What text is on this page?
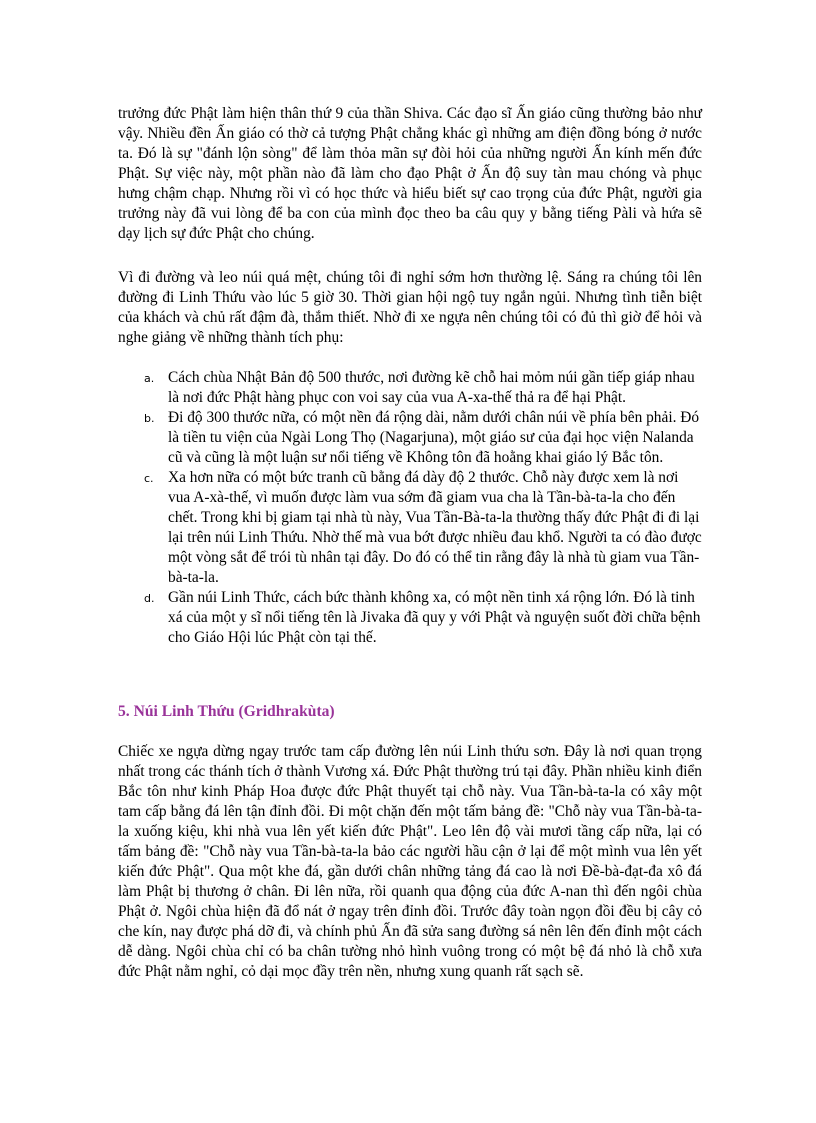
trưởng đức Phật làm hiện thân thứ 9 của thần Shiva. Các đạo sĩ Ấn giáo cũng thường bảo như vậy. Nhiều đền Ấn giáo có thờ cả tượng Phật chẳng khác gì những am điện đồng bóng ở nước ta. Đó là sự "đánh lộn sòng" để làm thỏa mãn sự đòi hỏi của những người Ấn kính mến đức Phật. Sự việc này, một phần nào đã làm cho đạo Phật ở Ấn độ suy tàn mau chóng và phục hưng chậm chạp. Nhưng rồi vì có học thức và hiểu biết sự cao trọng của đức Phật, người gia trưởng này đã vui lòng để ba con của mình đọc theo ba câu quy y bằng tiếng Pàli và hứa sẽ dạy lịch sự đức Phật cho chúng.

Vì đi đường và leo núi quá mệt, chúng tôi đi nghỉ sớm hơn thường lệ. Sáng ra chúng tôi lên đường đi Linh Thứu vào lúc 5 giờ 30. Thời gian hội ngộ tuy ngắn ngủi. Nhưng tình tiễn biệt của khách và chủ rất đậm đà, thắm thiết. Nhờ đi xe ngựa nên chúng tôi có đủ thì giờ để hỏi và nghe giảng về những thành tích phụ:

a. Cách chùa Nhật Bản độ 500 thước, nơi đường kẽ chỗ hai mỏm núi gần tiếp giáp nhau là nơi đức Phật hàng phục con voi say của vua A-xa-thế thả ra để hại Phật.
b. Đi độ 300 thước nữa, có một nền đá rộng dài, nằm dưới chân núi về phía bên phải. Đó là tiền tu viện của Ngài Long Thọ (Nagarjuna), một giáo sư của đại học viện Nalanda cũ và cũng là một luận sư nổi tiếng về Không tôn đã hoằng khai giáo lý Bắc tôn.
c. Xa hơn nữa có một bức tranh cũ bằng đá dày độ 2 thước. Chỗ này được xem là nơi vua A-xà-thế, vì muốn được làm vua sớm đã giam vua cha là Tần-bà-ta-la cho đến chết. Trong khi bị giam tại nhà tù này, Vua Tần-Bà-ta-la thường thấy đức Phật đi đi lại lại trên núi Linh Thứu. Nhờ thế mà vua bớt được nhiều đau khổ. Người ta có đào được một vòng sắt để trói tù nhân tại đây. Do đó có thể tin rằng đây là nhà tù giam vua Tần-bà-ta-la.
d. Gần núi Linh Thức, cách bức thành không xa, có một nền tinh xá rộng lớn. Đó là tinh xá của một y sĩ nổi tiếng tên là Jivaka đã quy y với Phật và nguyện suốt đời chữa bệnh cho Giáo Hội lúc Phật còn tại thế.
5. Núi Linh Thứu (Gridhrakùta)

Chiếc xe ngựa dừng ngay trước tam cấp đường lên núi Linh thứu sơn. Đây là nơi quan trọng nhất trong các thánh tích ở thành Vương xá. Đức Phật thường trú tại đây. Phần nhiều kinh điển Bắc tôn như kinh Pháp Hoa được đức Phật thuyết tại chỗ này. Vua Tần-bà-ta-la có xây một tam cấp bằng đá lên tận đỉnh đồi. Đi một chặn đến một tấm bảng đề: "Chỗ này vua Tần-bà-ta-la xuống kiệu, khi nhà vua lên yết kiến đức Phật". Leo lên độ vài mươi tầng cấp nữa, lại có tấm bảng đề: "Chỗ này vua Tần-bà-ta-la bảo các người hầu cận ở lại để một mình vua lên yết kiến đức Phật". Qua một khe đá, gần dưới chân những tảng đá cao là nơi Đề-bà-đạt-đa xô đá làm Phật bị thương ở chân. Đi lên nữa, rồi quanh qua động của đức A-nan thì đến ngôi chùa Phật ở. Ngôi chùa hiện đã đổ nát ở ngay trên đỉnh đồi. Trước đây toàn ngọn đồi đều bị cây cỏ che kín, nay được phá dỡ đi, và chính phủ Ấn đã sửa sang đường sá nên lên đến đỉnh một cách dễ dàng. Ngôi chùa chỉ có ba chân tường nhỏ hình vuông trong có một bệ đá nhỏ là chỗ xưa đức Phật nằm nghỉ, cỏ dại mọc đầy trên nền, nhưng xung quanh rất sạch sẽ.
